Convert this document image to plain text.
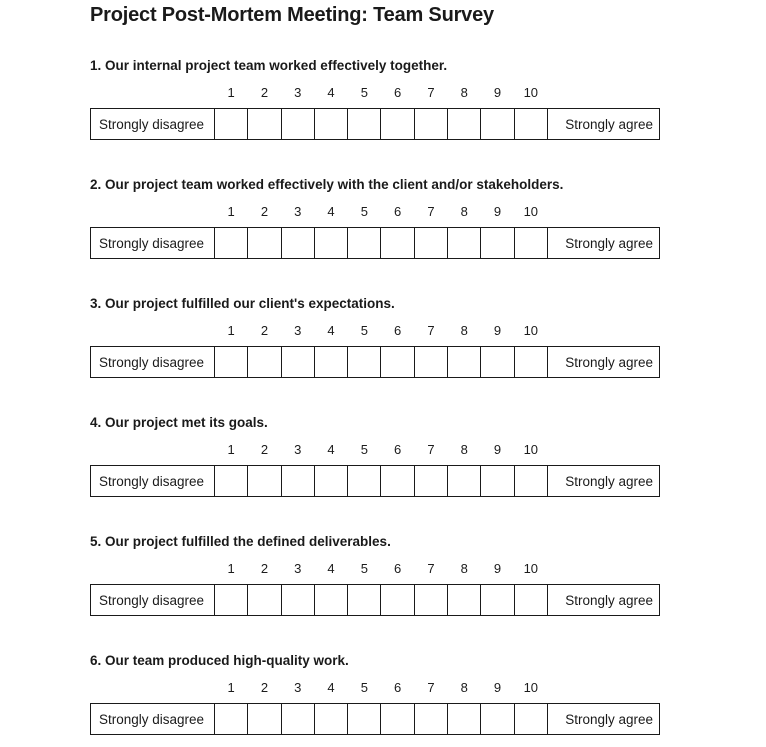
Project Post-Mortem Meeting: Team Survey
1. Our internal project team worked effectively together.
1	2	3	4	5	6	7	8	9	10
Strongly disagree	Strongly agree
2. Our project team worked effectively with the client and/or stakeholders.
1	2	3	4	5	6	7	8	9	10
Strongly disagree	Strongly agree
3. Our project fulfilled our client's expectations.
1	2	3	4	5	6	7	8	9	10
Strongly disagree	Strongly agree
4. Our project met its goals.
1	2	3	4	5	6	7	8	9	10
Strongly disagree	Strongly agree
5. Our project fulfilled the defined deliverables.
1	2	3	4	5	6	7	8	9	10
Strongly disagree	Strongly agree
6. Our team produced high-quality work.
1	2	3	4	5	6	7	8	9	10
Strongly disagree	Strongly agree
